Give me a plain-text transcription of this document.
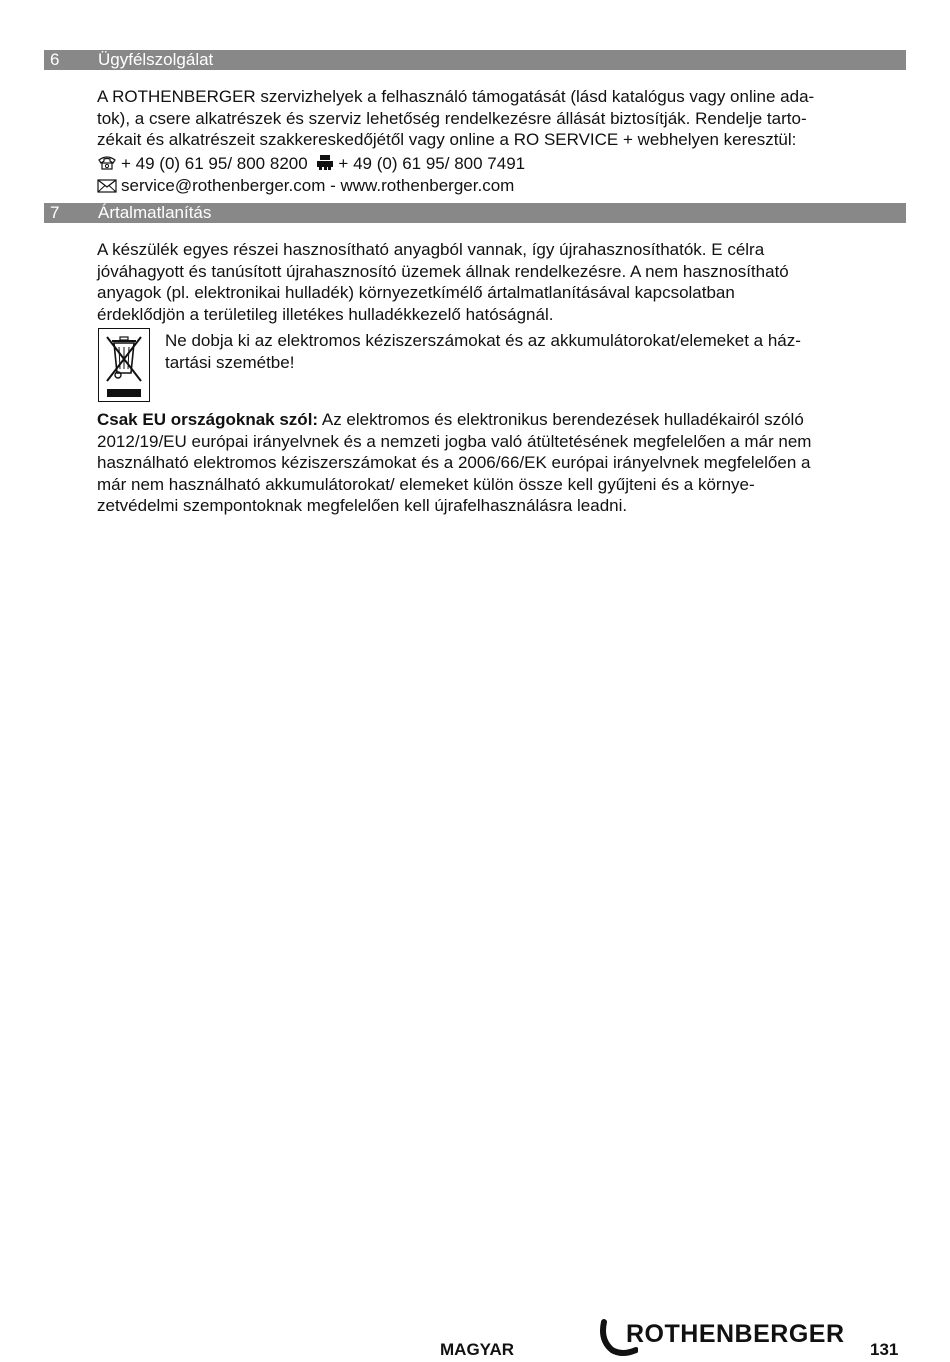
6 Ügyfélszolgálat
A ROTHENBERGER szervizhelyek a felhasználó támogatását (lásd katalógus vagy online ada-
tok), a csere alkatrészek és szerviz lehetőség rendelkezésre állását biztosítják. Rendelje tarto-
zékait és alkatrészeit szakkereskedőjétől vagy online a RO SERVICE + webhelyen keresztül:
+ 49 (0) 61 95/ 800 8200 + 49 (0) 61 95/ 800 7491
service@rothenberger.com - www.rothenberger.com
7 Ártalmatlanítás
A készülék egyes részei hasznosítható anyagból vannak, így újrahasznosíthatók. E célra
jóváhagyott és tanúsított újrahasznosító üzemek állnak rendelkezésre. A nem hasznosítható
anyagok (pl. elektronikai hulladék) környezetkímélő ártalmatlanításával kapcsolatban
érdeklődjön a területileg illetékes hulladékkezelő hatóságnál.
Ne dobja ki az elektromos kéziszerszámokat és az akkumulátorokat/elemeket a ház-
tartási szemétbe!
Csak EU országoknak szól: Az elektromos és elektronikus berendezések hulladékairól szóló
2012/19/EU európai irányelvnek és a nemzeti jogba való átültetésének megfelelően a már nem
használható elektromos kéziszerszámokat és a 2006/66/EK európai irányelvnek megfelelően a
már nem használható akkumulátorokat/ elemeket külön össze kell gyűjteni és a környe-
zetvédelmi szempontoknak megfelelően kell újrafelhasználásra leadni.
MAGYAR
ROTHENBERGER
131
